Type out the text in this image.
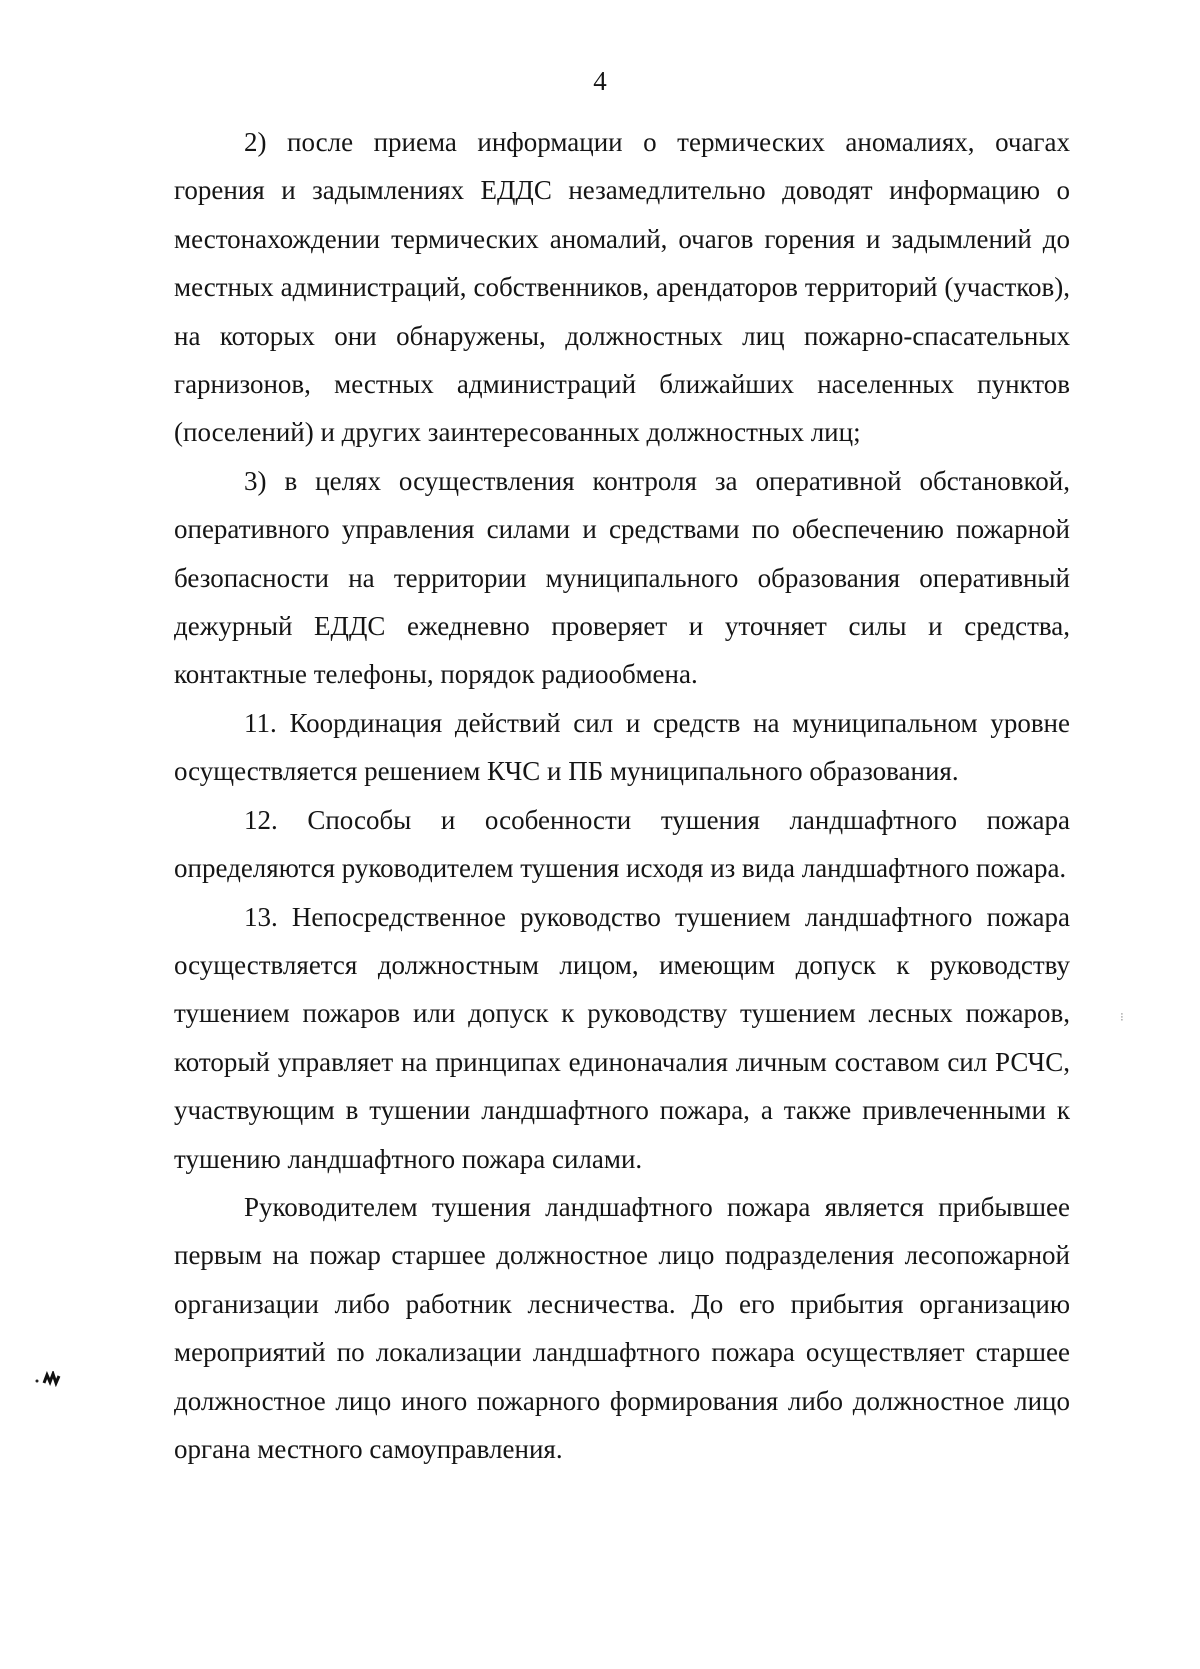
4

2) после приема информации о термических аномалиях, очагах горения и задымлениях ЕДДС незамедлительно доводят информацию о местонахождении термических аномалий, очагов горения и задымлений до местных администраций, собственников, арендаторов территорий (участков), на которых они обнаружены, должностных лиц пожарно-спасательных гарнизонов, местных администраций ближайших населенных пунктов (поселений) и других заинтересованных должностных лиц;

3) в целях осуществления контроля за оперативной обстановкой, оперативного управления силами и средствами по обеспечению пожарной безопасности на территории муниципального образования оперативный дежурный ЕДДС ежедневно проверяет и уточняет силы и средства, контактные телефоны, порядок радиообмена.

11. Координация действий сил и средств на муниципальном уровне осуществляется решением КЧС и ПБ муниципального образования.

12. Способы и особенности тушения ландшафтного пожара определяются руководителем тушения исходя из вида ландшафтного пожара.

13. Непосредственное руководство тушением ландшафтного пожара осуществляется должностным лицом, имеющим допуск к руководству тушением пожаров или допуск к руководству тушением лесных пожаров, который управляет на принципах единоначалия личным составом сил РСЧС, участвующим в тушении ландшафтного пожара, а также привлеченными к тушению ландшафтного пожара силами.

Руководителем тушения ландшафтного пожара является прибывшее первым на пожар старшее должностное лицо подразделения лесопожарной организации либо работник лесничества. До его прибытия организацию мероприятий по локализации ландшафтного пожара осуществляет старшее должностное лицо иного пожарного формирования либо должностное лицо органа местного самоуправления.

⁝
